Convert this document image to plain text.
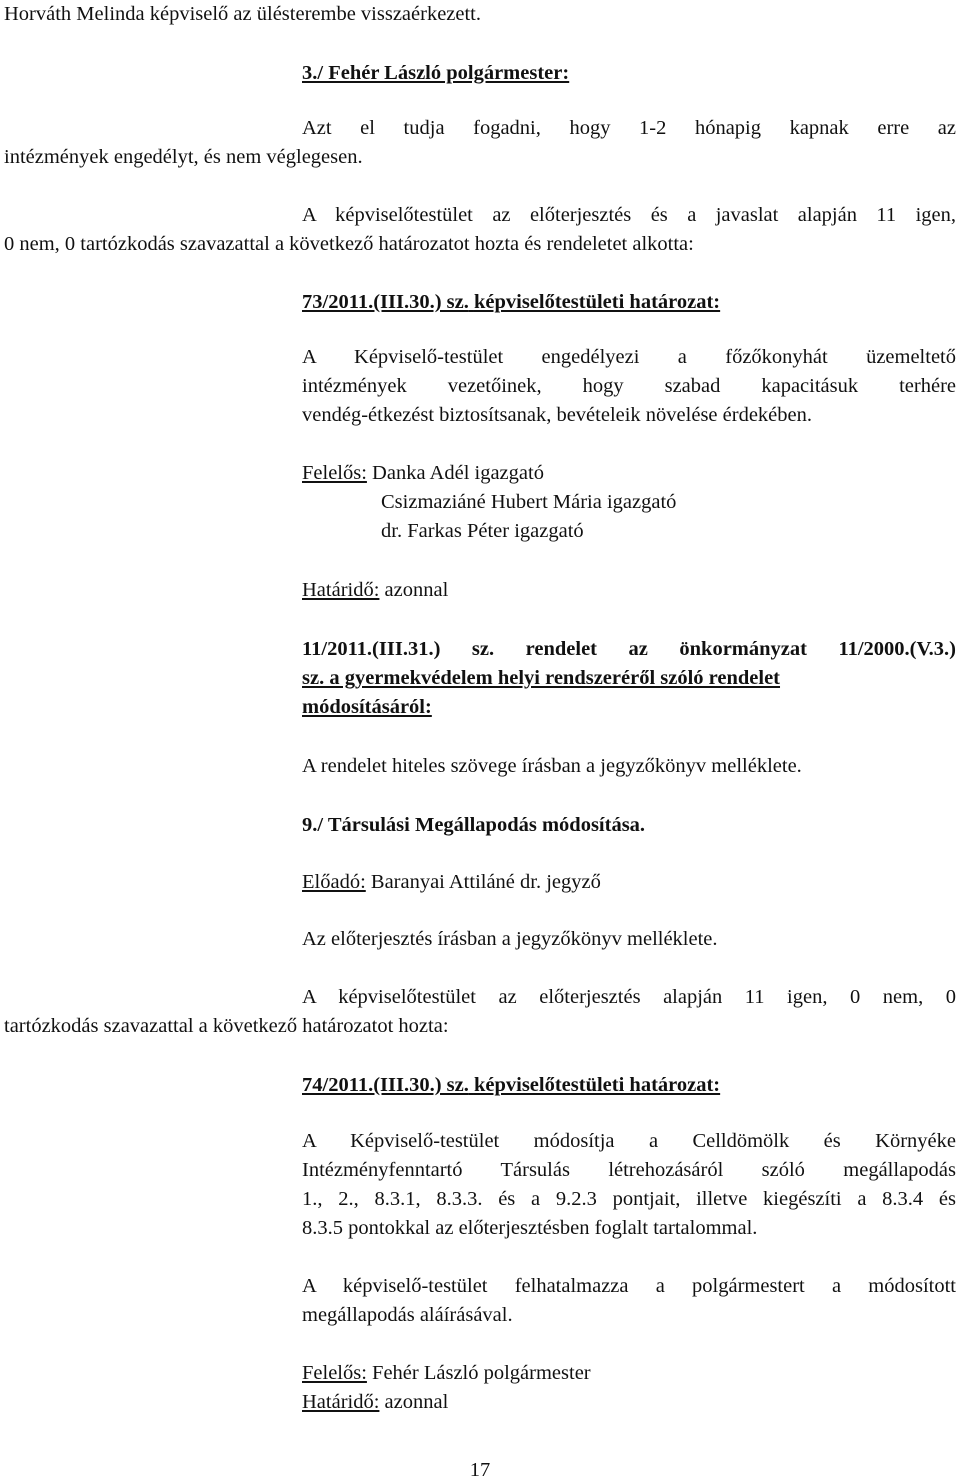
Horváth Melinda képviselő az ülésterembe visszaérkezett.

3./ Fehér László polgármester:

Azt el tudja fogadni, hogy 1-2 hónapig kapnak erre az

intézmények engedélyt, és nem véglegesen.

A képviselőtestület az előterjesztés és a javaslat alapján 11 igen,

0 nem, 0 tartózkodás szavazattal a következő határozatot hozta és rendeletet alkotta:

73/2011.(III.30.) sz. képviselőtestületi határozat:

A Képviselő-testület engedélyezi a főzőkonyhát üzemeltető

intézmények vezetőinek, hogy szabad kapacitásuk terhére

vendég-étkezést biztosítsanak, bevételeik növelése érdekében.

Felelős: Danka Adél igazgató

Csizmaziáné Hubert Mária igazgató

dr. Farkas Péter igazgató

Határidő: azonnal

11/2011.(III.31.) sz. rendelet az önkormányzat 11/2000.(V.3.)

sz. a gyermekvédelem helyi rendszeréről szóló rendelet

módosításáról:

A rendelet hiteles szövege írásban a jegyzőkönyv melléklete.

9./ Társulási Megállapodás módosítása.

Előadó: Baranyai Attiláné dr. jegyző

Az előterjesztés írásban a jegyzőkönyv melléklete.

A képviselőtestület az előterjesztés alapján 11 igen, 0 nem, 0

tartózkodás szavazattal a következő határozatot hozta:

74/2011.(III.30.) sz. képviselőtestületi határozat:

A Képviselő-testület módosítja a Celldömölk és Környéke

Intézményfenntartó Társulás létrehozásáról szóló megállapodás

1., 2., 8.3.1, 8.3.3. és a 9.2.3 pontjait, illetve kiegészíti a 8.3.4 és

8.3.5 pontokkal az előterjesztésben foglalt tartalommal.

A képviselő-testület felhatalmazza a polgármestert a módosított

megállapodás aláírásával.

Felelős: Fehér László polgármester

Határidő: azonnal

17
